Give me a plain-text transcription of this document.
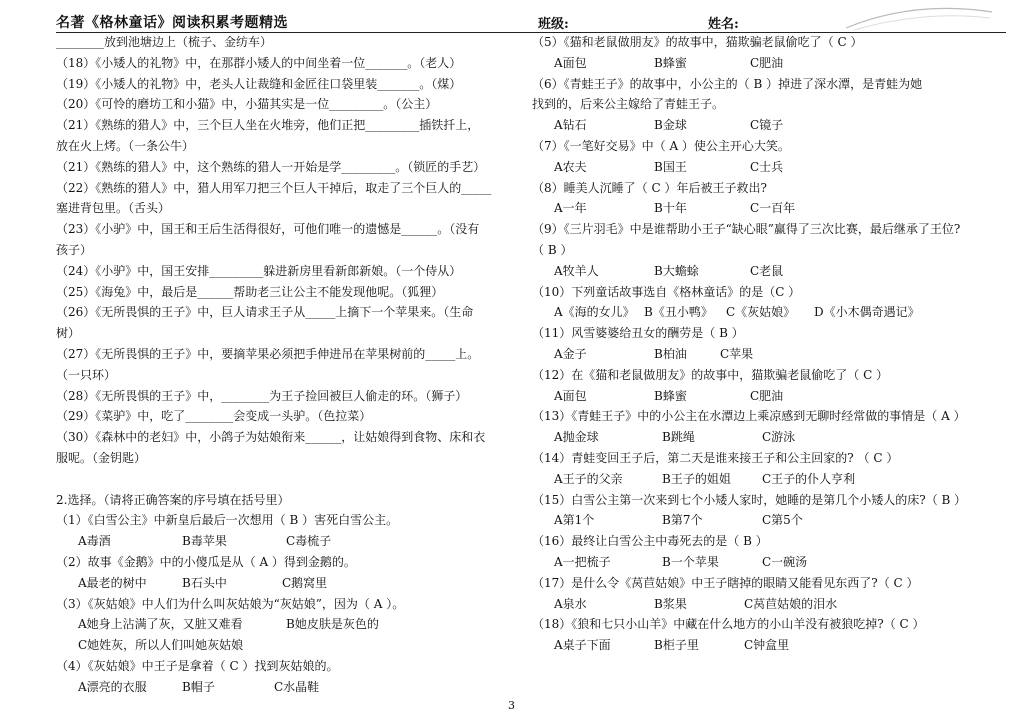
名著《格林童话》阅读积累考题精选	班级:	姓名:
________放到池塘边上（梳子、金纺车）
（18）《小矮人的礼物》中，在那群小矮人的中间坐着一位_______。（老人）
（19）《小矮人的礼物》中，老头人让裁缝和金匠往口袋里装_______。（煤）
（20）《可怜的磨坊工和小猫》中，小猫其实是一位_________。（公主）
（21）《熟练的猎人》中，三个巨人坐在火堆旁，他们正把_________插铁扦上，
放在火上烤。（一条公牛）
（21）《熟练的猎人》中，这个熟练的猎人一开始是学_________。（锁匠的手艺）
（22）《熟练的猎人》中，猎人用军刀把三个巨人干掉后，取走了三个巨人的_____
塞进背包里。（舌头）
（23）《小驴》中，国王和王后生活得很好，可他们唯一的遗憾是______。（没有
孩子）
（24）《小驴》中，国王安排_________躲进新房里看新郎新娘。（一个侍从）
（25）《海兔》中，最后是______帮助老三让公主不能发现他呢。（狐狸）
（26）《无所畏惧的王子》中，巨人请求王子从_____上摘下一个苹果来。（生命
树）
（27）《无所畏惧的王子》中，要摘苹果必须把手伸进吊在苹果树前的_____上。
（一只环）
（28）《无所畏惧的王子》中，________为王子捡回被巨人偷走的环。（狮子）
（29）《菜驴》中，吃了________会变成一头驴。（色拉菜）
（30）《森林中的老妇》中，小鸽子为姑娘衔来______，让姑娘得到食物、床和衣
服呢。（金钥匙）
2.选择。（请将正确答案的序号填在括号里）
（1）《白雪公主》中新皇后最后一次想用（ B ）害死白雪公主。
A毒酒	B毒苹果	C毒梳子
（2）故事《金鹅》中的小傻瓜是从（ A ）得到金鹅的。
A最老的树中	B石头中	C鹅窝里
（3）《灰姑娘》中人们为什么叫灰姑娘为“灰姑娘”，因为（ A ）。
A她身上沾满了灰，又脏又难看	B她皮肤是灰色的
C她姓灰，所以人们叫她灰姑娘
（4）《灰姑娘》中王子是拿着（ C ）找到灰姑娘的。
A漂亮的衣服	B帽子	C水晶鞋
（5）《猫和老鼠做朋友》的故事中，猫欺骗老鼠偷吃了（ C ）
A面包	B蜂蜜	C肥油
（6）《青蛙王子》的故事中，小公主的（ B ）掉进了深水潭，是青蛙为她
找到的，后来公主嫁给了青蛙王子。
A钻石	B金球	C镜子
（7）《一笔好交易》中（ A ）使公主开心大笑。
A农夫	B国王	C士兵
（8）睡美人沉睡了（ C ）年后被王子救出?
A一年	B十年	C一百年
（9）《三片羽毛》中是谁帮助小王子“缺心眼”赢得了三次比赛，最后继承了王位?
（ B ）
A牧羊人	B大蟾蜍	C老鼠
（10）下列童话故事选自《格林童话》的是（C ）
A《海的女儿》 B《丑小鸭》 C《灰姑娘》 D《小木偶奇遇记》
（11）风雪婆婆给丑女的酬劳是（ B ）
A金子	B柏油	C苹果
（12）在《猫和老鼠做朋友》的故事中，猫欺骗老鼠偷吃了（ C ）
A面包	B蜂蜜	C肥油
（13）《青蛙王子》中的小公主在水潭边上乘凉感到无聊时经常做的事情是（ A ）
A抛金球	B跳绳	C游泳
（14）青蛙变回王子后，第二天是谁来接王子和公主回家的? （ C ）
A王子的父亲	B王子的姐姐	C王子的仆人亨利
（15）白雪公主第一次来到七个小矮人家时，她睡的是第几个小矮人的床?（ B ）
A第1个	B第7个	C第5个
（16）最终让白雪公主中毒死去的是（ B ）
A一把梳子	B一个苹果	C一碗汤
（17）是什么令《莴苣姑娘》中王子瞎掉的眼睛又能看见东西了?（ C ）
A泉水	B浆果	C莴苣姑娘的泪水
（18）《狼和七只小山羊》中藏在什么地方的小山羊没有被狼吃掉?（ C ）
A桌子下面	B柜子里	C钟盒里
3
